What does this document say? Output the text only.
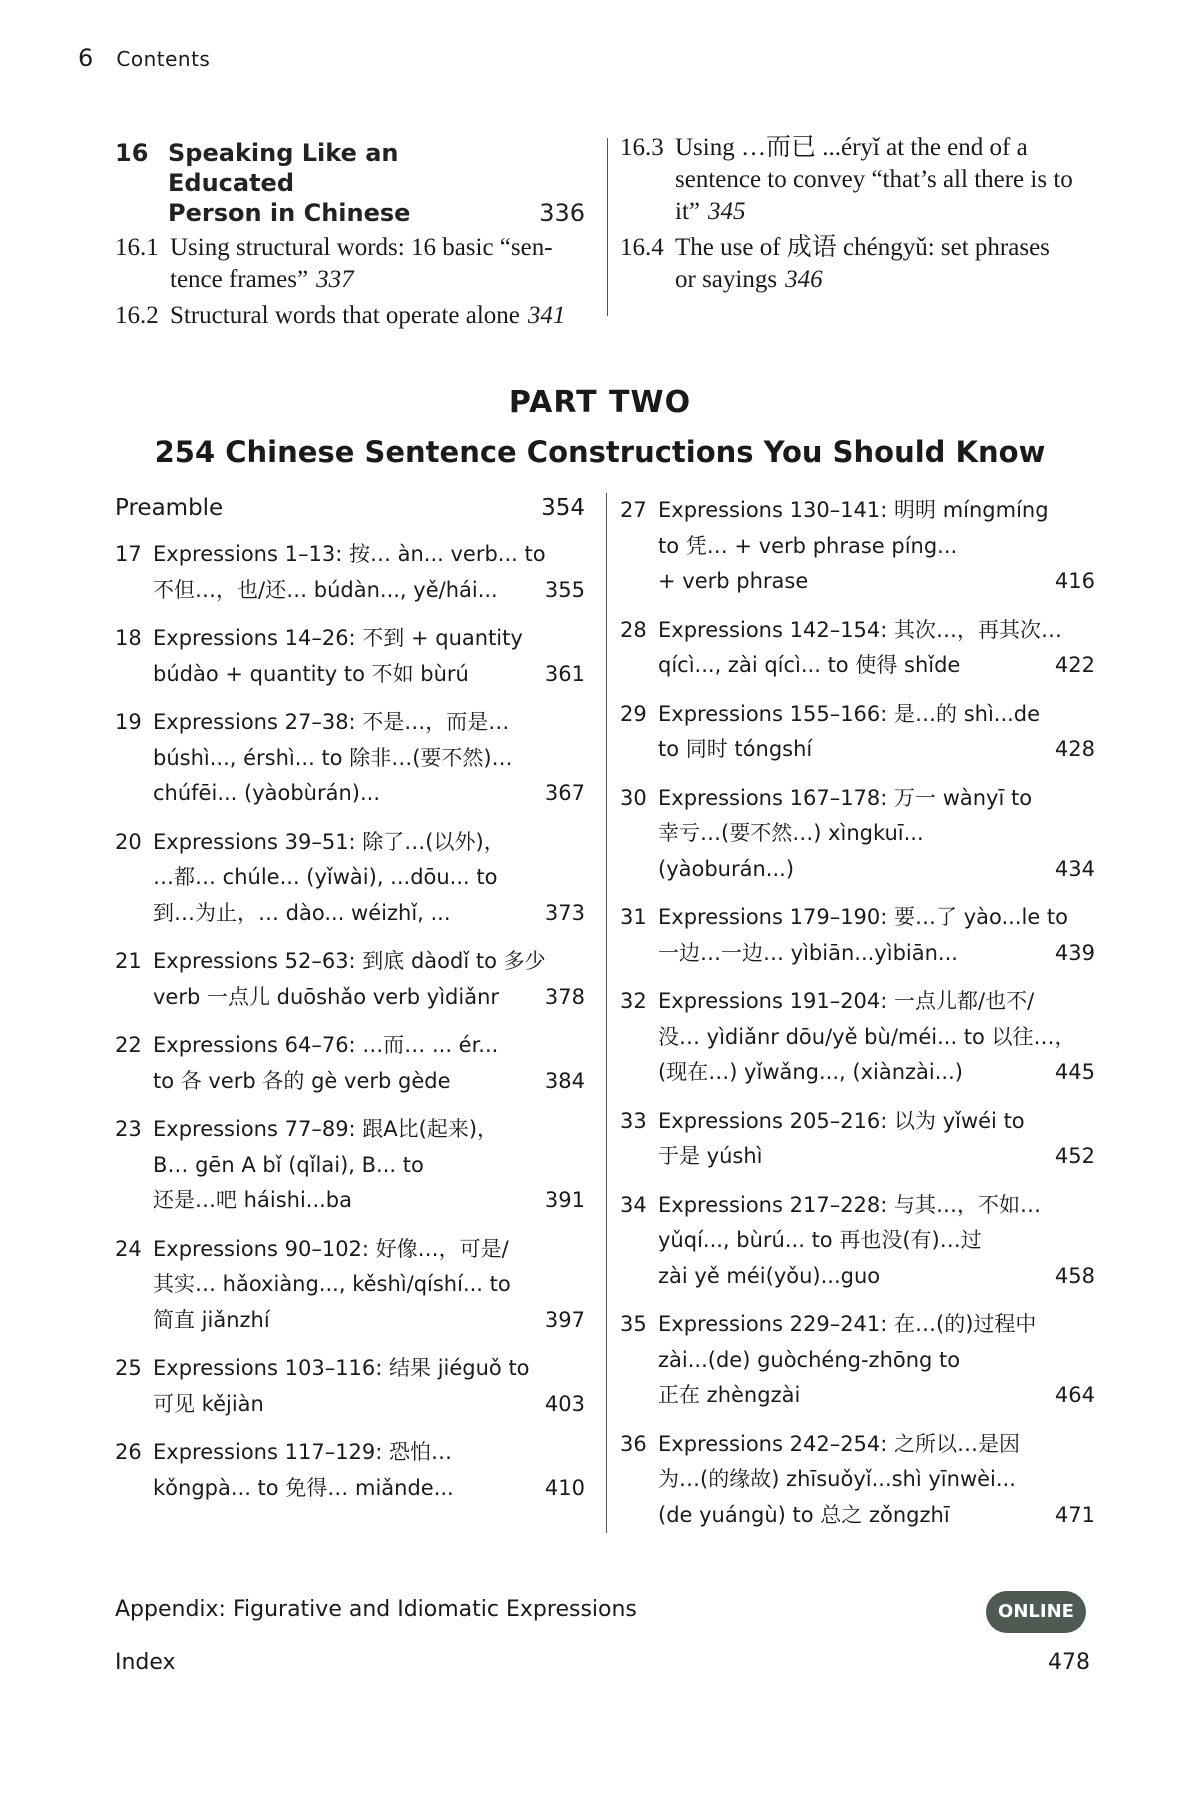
6 Contents
16 Speaking Like an Educated
Person in Chinese	336
16.1 Using structural words: 16 basic “sen-
tence frames” 337
16.2 Structural words that operate alone 341
16.3 Using …而已 ...éryǐ at the end of a
sentence to convey “that’s all there is to
it” 345
16.4 The use of 成语 chéngyǔ: set phrases
or sayings 346
PART TWO
254 Chinese Sentence Constructions You Should Know
Preamble	354
17 Expressions 1–13: 按… àn... verb... to
不但…，也/还… búdàn..., yě/hái... 355
18 Expressions 14–26: 不到 + quantity
búdào + quantity to 不如 bùrú	361
19 Expressions 27–38: 不是…，而是…
búshì..., érshì... to 除非…(要不然)…
chúfēi... (yàobùrán)...	367
20 Expressions 39–51: 除了…(以外)，
…都… chúle... (yǐwài), ...dōu... to
到…为止，… dào... wéizhǐ, ...	373
21 Expressions 52–63: 到底 dàodǐ to 多少
verb 一点儿 duōshǎo verb yìdiǎnr 378
22 Expressions 64–76: …而… ... ér...
to 各 verb 各的 gè verb gède	384
23 Expressions 77–89: 跟A比(起来)，
B… gēn A bǐ (qǐlai), B... to
还是…吧 háishi...ba	391
24 Expressions 90–102: 好像…，可是/
其实… hǎoxiàng..., kěshì/qíshí... to
简直 jiǎnzhí	397
25 Expressions 103–116: 结果 jiéguǒ to
可见 kějiàn	403
26 Expressions 117–129: 恐怕…
kǒngpà... to 免得… miǎnde...	410
27 Expressions 130–141: 明明 míngmíng
to 凭… + verb phrase píng...
+ verb phrase	416
28 Expressions 142–154: 其次…，再其次…
qícì..., zài qícì... to 使得 shǐde	422
29 Expressions 155–166: 是…的 shì...de
to 同时 tóngshí	428
30 Expressions 167–178: 万一 wànyī to
幸亏…(要不然…) xìngkuī...
(yàoburán...)	434
31 Expressions 179–190: 要…了 yào...le to
一边…一边… yìbiān...yìbiān...	439
32 Expressions 191–204: 一点儿都/也不/
没… yìdiǎnr dōu/yě bù/méi... to 以往…，
(现在…) yǐwǎng..., (xiànzài...)	445
33 Expressions 205–216: 以为 yǐwéi to
于是 yúshì	452
34 Expressions 217–228: 与其…，不如…
yǔqí..., bùrú... to 再也没(有)…过
zài yě méi(yǒu)...guo	458
35 Expressions 229–241: 在…(的)过程中
zài...(de) guòchéng-zhōng to
正在 zhèngzài	464
36 Expressions 242–254: 之所以…是因
为…(的缘故) zhīsuǒyǐ...shì yīnwèi...
(de yuángù) to 总之 zǒngzhī	471
Appendix: Figurative and Idiomatic Expressions	ONLINE
Index	478
